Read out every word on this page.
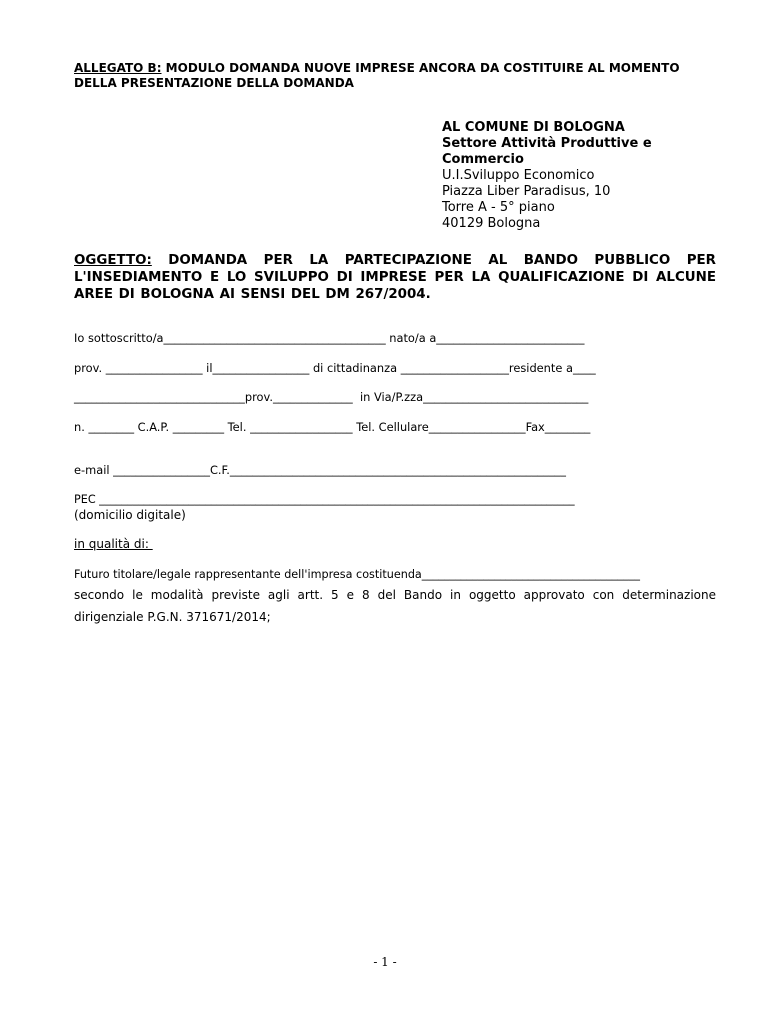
ALLEGATO B: MODULO DOMANDA NUOVE IMPRESE ANCORA DA COSTITUIRE AL MOMENTO DELLA PRESENTAZIONE DELLA DOMANDA
AL COMUNE DI BOLOGNA
Settore Attività Produttive e
Commercio
U.I.Sviluppo Economico
Piazza Liber Paradisus, 10
Torre A - 5° piano
40129 Bologna
OGGETTO: DOMANDA PER LA PARTECIPAZIONE AL BANDO PUBBLICO PER L'INSEDIAMENTO E LO SVILUPPO DI IMPRESE PER LA QUALIFICAZIONE DI ALCUNE AREE DI BOLOGNA AI SENSI DEL DM 267/2004.
Io sottoscritto/a_______________________________________ nato/a a__________________________
prov. _________________ il_________________ di cittadinanza ___________________residente a____
______________________________prov.______________  in Via/P.zza_____________________________
n. ________ C.A.P. _________ Tel. __________________ Tel. Cellulare_________________Fax________
e-mail _________________C.F.___________________________________________________________
PEC _____________________________________________________________________________________
(domicilio digitale)
in qualità di:
Futuro titolare/legale rappresentante dell'impresa costituenda_______________________________________
secondo le modalità previste agli artt. 5 e 8 del Bando in oggetto approvato con determinazione dirigenziale P.G.N. 371671/2014;
- 1 -
